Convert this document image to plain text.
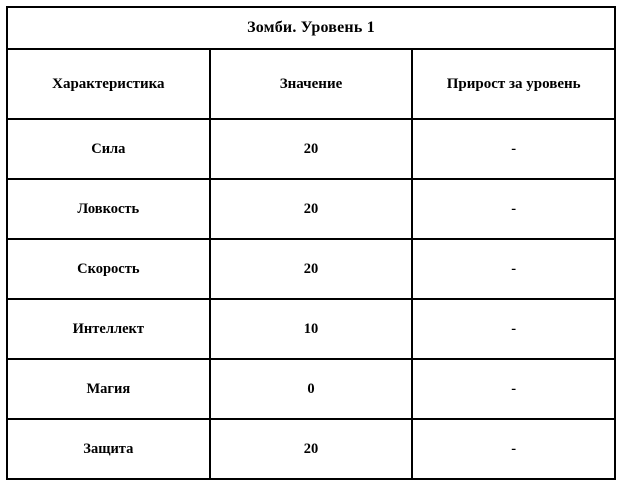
Зомби. Уровень 1		
Характеристика	Значение	Прирост за уровень
Сила	20	-
Ловкость	20	-
Скорость	20	-
Интеллект	10	-
Магия	0	-
Защита	20	-
